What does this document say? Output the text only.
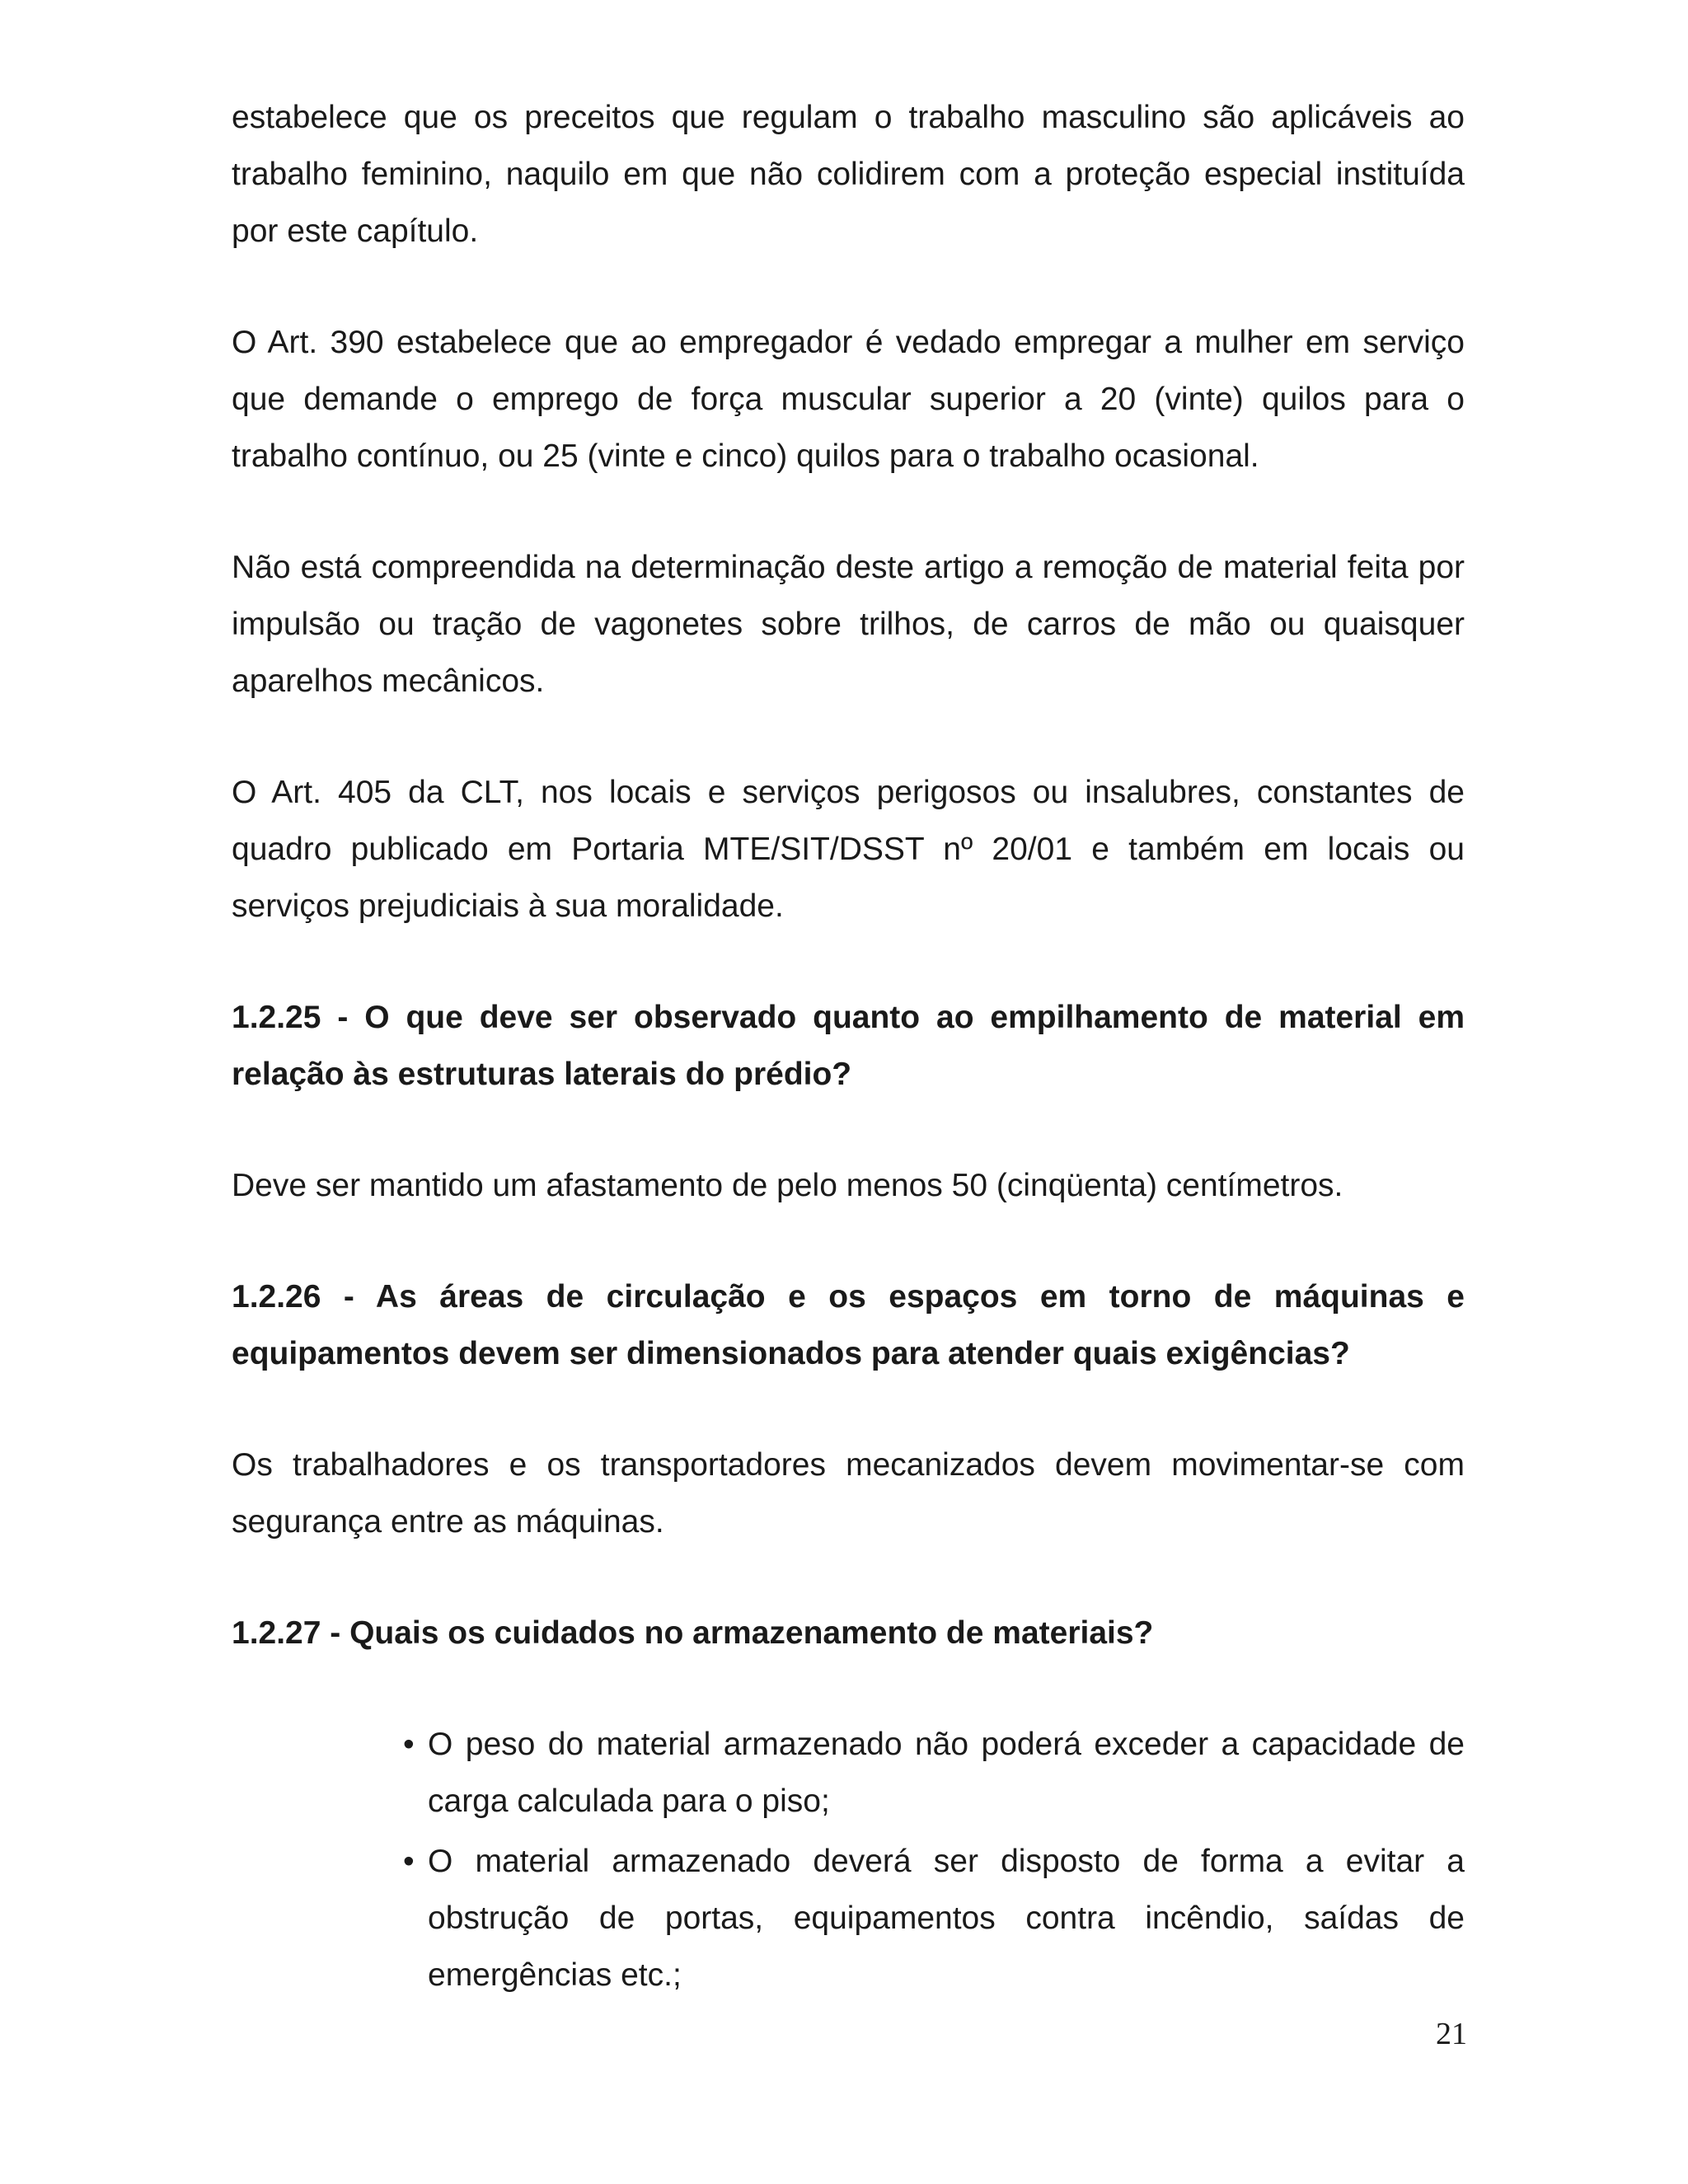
estabelece que os preceitos que regulam o trabalho masculino são aplicáveis ao trabalho feminino, naquilo em que não colidirem com a proteção especial instituída por este capítulo.

O Art. 390 estabelece que ao empregador é vedado empregar a mulher em serviço que demande o emprego de força muscular superior a 20 (vinte) quilos para o trabalho contínuo, ou 25 (vinte e cinco) quilos para o trabalho ocasional.

Não está compreendida na determinação deste artigo a remoção de material feita por impulsão ou tração de vagonetes sobre trilhos, de carros de mão ou quaisquer aparelhos mecânicos.

O Art. 405 da CLT, nos locais e serviços perigosos ou insalubres, constantes de quadro publicado em Portaria MTE/SIT/DSST nº 20/01 e também em locais ou serviços prejudiciais à sua moralidade.

1.2.25 - O que deve ser observado quanto ao empilhamento de material em relação às estruturas laterais do prédio?

Deve ser mantido um afastamento de pelo menos 50 (cinqüenta) centímetros.

1.2.26 - As áreas de circulação e os espaços em torno de máquinas e equipamentos devem ser dimensionados para atender quais exigências?

Os trabalhadores e os transportadores mecanizados devem movimentar-se com segurança entre as máquinas.

1.2.27 - Quais os cuidados no armazenamento de materiais?

• O peso do material armazenado não poderá exceder a capacidade de carga calculada para o piso;
• O material armazenado deverá ser disposto de forma a evitar a obstrução de portas, equipamentos contra incêndio, saídas de emergências etc.;
21
